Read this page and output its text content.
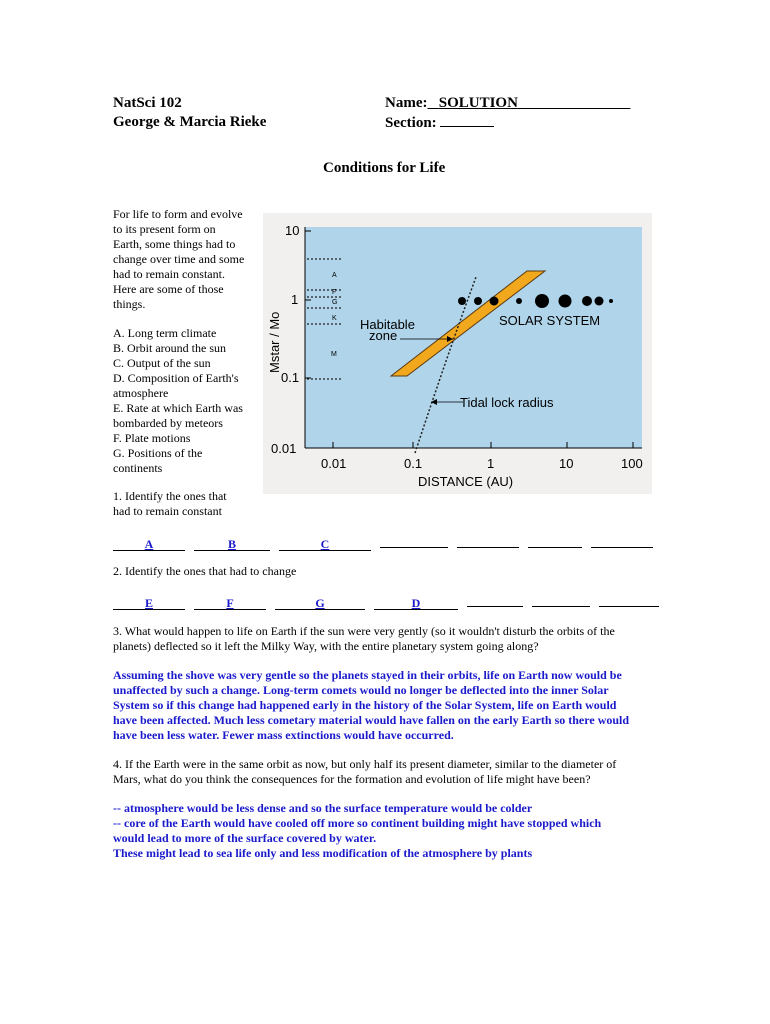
NatSci 102
George & Marcia Rieke
Name: SOLUTION
Section:
Conditions for Life
For life to form and evolve
to its present form on
Earth, some things had to
change over time and some
had to remain constant.
Here are some of those
things.
A. Long term climate
B. Orbit around the sun
C. Output of the sun
D. Composition of Earth's
atmosphere
E. Rate at which Earth was
bombarded by meteors
F. Plate motions
G. Positions of the
continents
A
F
G
K
M
Habitable
zone
SOLAR SYSTEM
Tidal lock radius
10
1
0.1
0.01
0.01	0.1	1	10	100
DISTANCE (AU)
Mstar / Mo
1. Identify the ones that
had to remain constant
A	B	C
2. Identify the ones that had to change
E	F	G	D
3. What would happen to life on Earth if the sun were very gently (so it wouldn't disturb the orbits of the
planets) deflected so it left the Milky Way, with the entire planetary system going along?
Assuming the shove was very gentle so the planets stayed in their orbits, life on Earth now would be
unaffected by such a change. Long-term comets would no longer be deflected into the inner Solar
System so if this change had happened early in the history of the Solar System, life on Earth would
have been affected. Much less cometary material would have fallen on the early Earth so there would
have been less water. Fewer mass extinctions would have occurred.
4. If the Earth were in the same orbit as now, but only half its present diameter, similar to the diameter of
Mars, what do you think the consequences for the formation and evolution of life might have been?
-- atmosphere would be less dense and so the surface temperature would be colder
-- core of the Earth would have cooled off more so continent building might have stopped which
would lead to more of the surface covered by water.
These might lead to sea life only and less modification of the atmosphere by plants
